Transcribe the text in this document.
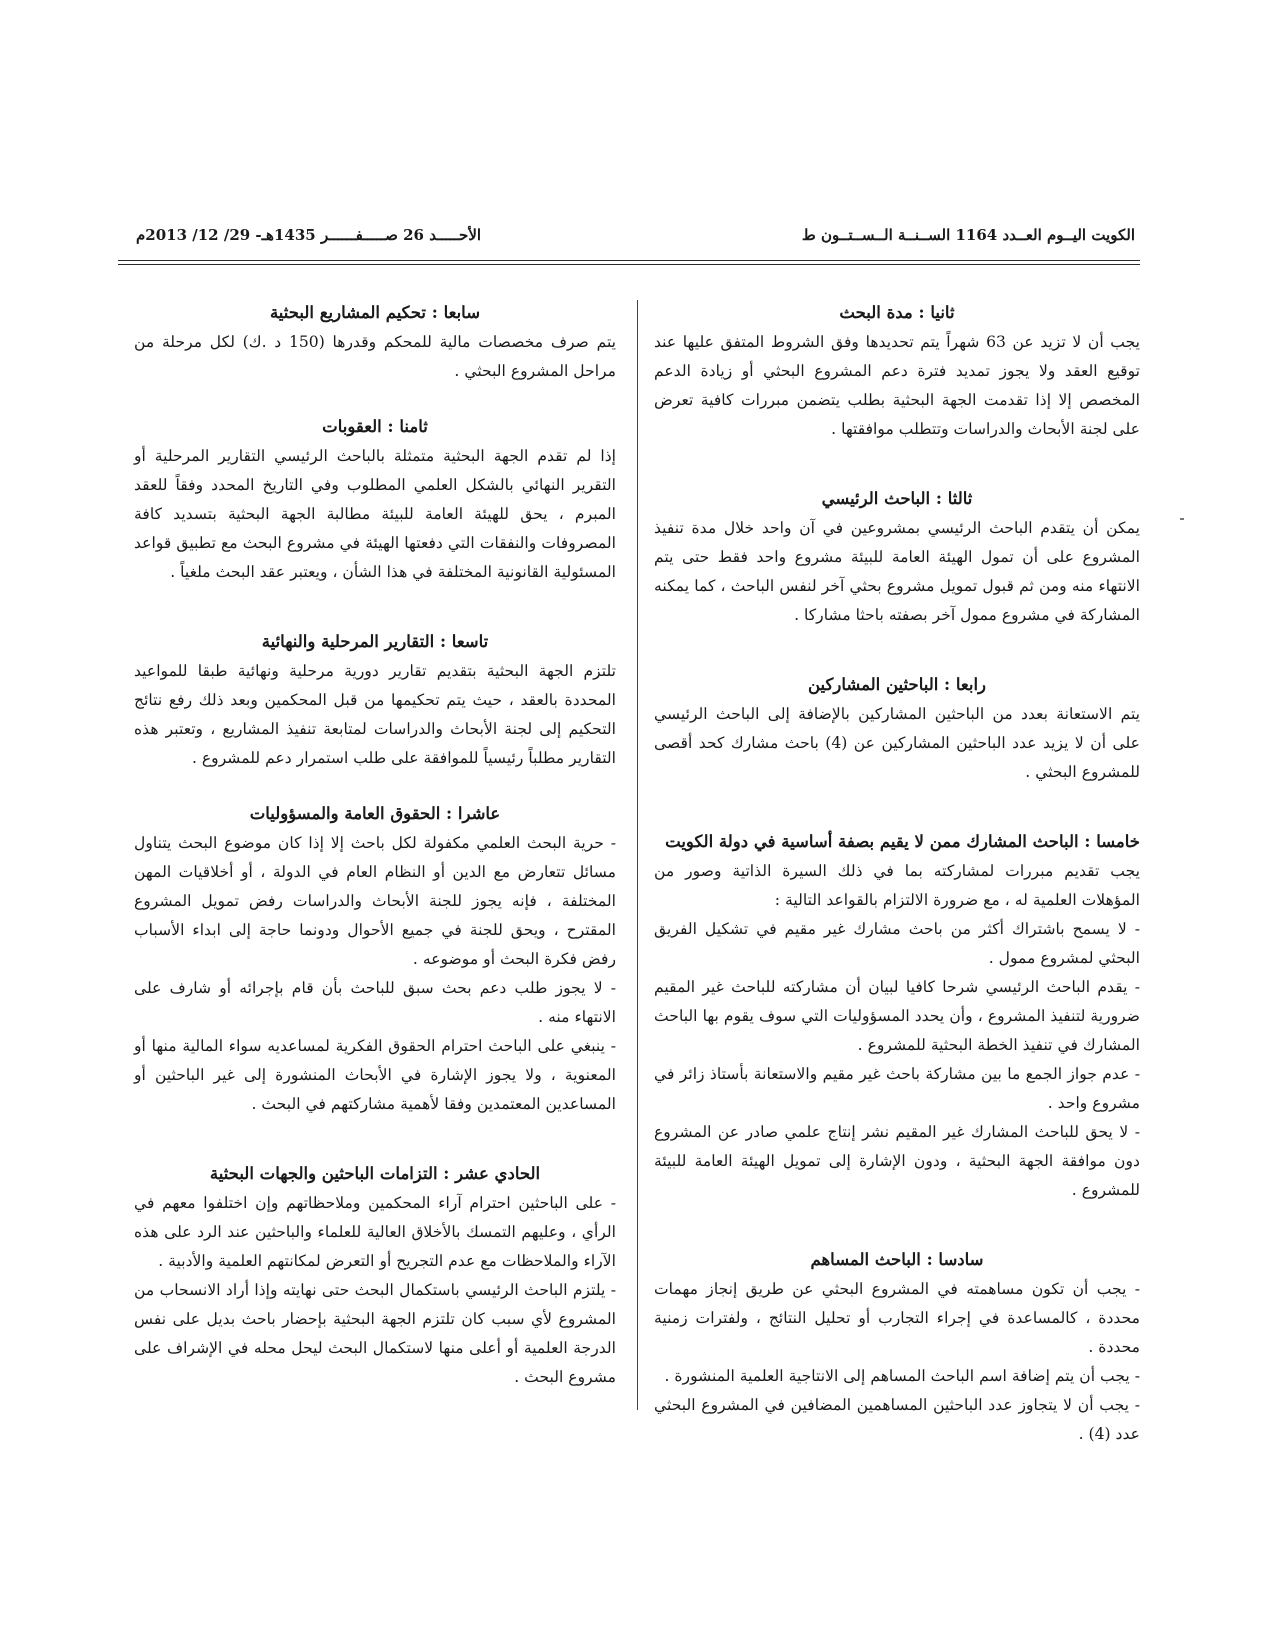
الكويت اليــوم العــدد 1164 الســنــة الــســتــون ط
الأحـــــد 26 صـــــفــــــر 1435هـ- 29/ 12/ 2013م
ثانيا : مدة البحث

يجب أن لا تزيد عن 63 شهراً يتم تحديدها وفق الشروط المتفق عليها عند توقيع العقد ولا يجوز تمديد فترة دعم المشروع البحثي أو زيادة الدعم المخصص إلا إذا تقدمت الجهة البحثية بطلب يتضمن مبررات كافية تعرض على لجنة الأبحاث والدراسات وتتطلب موافقتها .

ثالثا : الباحث الرئيسي

يمكن أن يتقدم الباحث الرئيسي بمشروعين في آن واحد خلال مدة تنفيذ المشروع على أن تمول الهيئة العامة للبيئة مشروع واحد فقط حتى يتم الانتهاء منه ومن ثم قبول تمويل مشروع بحثي آخر لنفس الباحث ، كما يمكنه المشاركة في مشروع ممول آخر بصفته باحثا مشاركا .

رابعا : الباحثين المشاركين

يتم الاستعانة بعدد من الباحثين المشاركين بالإضافة إلى الباحث الرئيسي على أن لا يزيد عدد الباحثين المشاركين عن (4) باحث مشارك كحد أقصى للمشروع البحثي .

خامسا : الباحث المشارك ممن لا يقيم بصفة أساسية في دولة الكويت

يجب تقديم مبررات لمشاركته بما في ذلك السيرة الذاتية وصور من المؤهلات العلمية له ، مع ضرورة الالتزام بالقواعد التالية :

- لا يسمح باشتراك أكثر من باحث مشارك غير مقيم في تشكيل الفريق البحثي لمشروع ممول .

- يقدم الباحث الرئيسي شرحا كافيا لبيان أن مشاركته للباحث غير المقيم ضرورية لتنفيذ المشروع ، وأن يحدد المسؤوليات التي سوف يقوم بها الباحث المشارك في تنفيذ الخطة البحثية للمشروع .

- عدم جواز الجمع ما بين مشاركة باحث غير مقيم والاستعانة بأستاذ زائر في مشروع واحد .

- لا يحق للباحث المشارك غير المقيم نشر إنتاج علمي صادر عن المشروع دون موافقة الجهة البحثية ، ودون الإشارة إلى تمويل الهيئة العامة للبيئة للمشروع .

سادسا : الباحث المساهم

- يجب أن تكون مساهمته في المشروع البحثي عن طريق إنجاز مهمات محددة ، كالمساعدة في إجراء التجارب أو تحليل النتائج ، ولفترات زمنية محددة .

- يجب أن يتم إضافة اسم الباحث المساهم إلى الانتاجية العلمية المنشورة .

- يجب أن لا يتجاوز عدد الباحثين المساهمين المضافين في المشروع البحثي عدد (4) .

سابعا : تحكيم المشاريع البحثية

يتم صرف مخصصات مالية للمحكم وقدرها (150 د .ك) لكل مرحلة من مراحل المشروع البحثي .

ثامنا : العقوبات

إذا لم تقدم الجهة البحثية متمثلة بالباحث الرئيسي التقارير المرحلية أو التقرير النهائي بالشكل العلمي المطلوب وفي التاريخ المحدد وفقاً للعقد المبرم ، يحق للهيئة العامة للبيئة مطالبة الجهة البحثية بتسديد كافة المصروفات والنفقات التي دفعتها الهيئة في مشروع البحث مع تطبيق قواعد المسئولية القانونية المختلفة في هذا الشأن ، ويعتبر عقد البحث ملغياً .

تاسعا : التقارير المرحلية والنهائية

تلتزم الجهة البحثية بتقديم تقارير دورية مرحلية ونهائية طبقا للمواعيد المحددة بالعقد ، حيث يتم تحكيمها من قبل المحكمين وبعد ذلك رفع نتائج التحكيم إلى لجنة الأبحاث والدراسات لمتابعة تنفيذ المشاريع ، وتعتبر هذه التقارير مطلباً رئيسياً للموافقة على طلب استمرار دعم للمشروع .

عاشرا : الحقوق العامة والمسؤوليات

- حرية البحث العلمي مكفولة لكل باحث إلا إذا كان موضوع البحث يتناول مسائل تتعارض مع الدين أو النظام العام في الدولة ، أو أخلاقيات المهن المختلفة ، فإنه يجوز للجنة الأبحاث والدراسات رفض تمويل المشروع المقترح ، ويحق للجنة في جميع الأحوال ودونما حاجة إلى ابداء الأسباب رفض فكرة البحث أو موضوعه .

- لا يجوز طلب دعم بحث سبق للباحث بأن قام بإجرائه أو شارف على الانتهاء منه .

- ينبغي على الباحث احترام الحقوق الفكرية لمساعديه سواء المالية منها أو المعنوية ، ولا يجوز الإشارة في الأبحاث المنشورة إلى غير الباحثين أو المساعدين المعتمدين وفقا لأهمية مشاركتهم في البحث .

الحادي عشر : التزامات الباحثين والجهات البحثية

- على الباحثين احترام آراء المحكمين وملاحظاتهم وإن اختلفوا معهم في الرأي ، وعليهم التمسك بالأخلاق العالية للعلماء والباحثين عند الرد على هذه الآراء والملاحظات مع عدم التجريح أو التعرض لمكانتهم العلمية والأدبية .

- يلتزم الباحث الرئيسي باستكمال البحث حتى نهايته وإذا أراد الانسحاب من المشروع لأي سبب كان تلتزم الجهة البحثية بإحضار باحث بديل على نفس الدرجة العلمية أو أعلى منها لاستكمال البحث ليحل محله في الإشراف على مشروع البحث .
